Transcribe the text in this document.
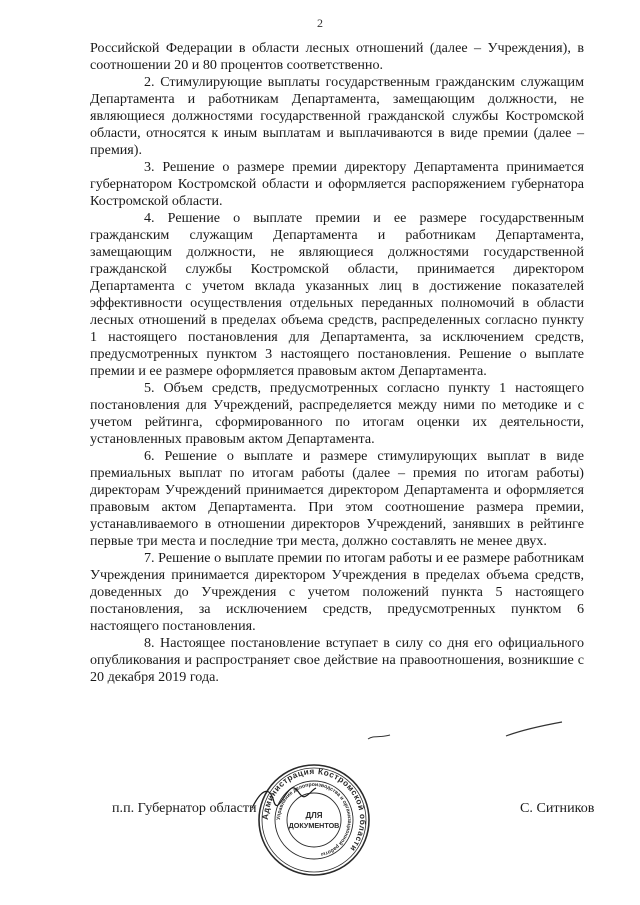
2

Российской Федерации в области лесных отношений (далее – Учреждения), в соотношении 20 и 80 процентов соответственно.

2. Стимулирующие выплаты государственным гражданским служащим Департамента и работникам Департамента, замещающим должности, не являющиеся должностями государственной гражданской службы Костромской области, относятся к иным выплатам и выплачиваются в виде премии (далее – премия).

3. Решение о размере премии директору Департамента принимается губернатором Костромской области и оформляется распоряжением губернатора Костромской области.

4. Решение о выплате премии и ее размере государственным гражданским служащим Департамента и работникам Департамента, замещающим должности, не являющиеся должностями государственной гражданской службы Костромской области, принимается директором Департамента с учетом вклада указанных лиц в достижение показателей эффективности осуществления отдельных переданных полномочий в области лесных отношений в пределах объема средств, распределенных согласно пункту 1 настоящего постановления для Департамента, за исключением средств, предусмотренных пунктом 3 настоящего постановления. Решение о выплате премии и ее размере оформляется правовым актом Департамента.

5. Объем средств, предусмотренных согласно пункту 1 настоящего постановления для Учреждений, распределяется между ними по методике и с учетом рейтинга, сформированного по итогам оценки их деятельности, установленных правовым актом Департамента.

6. Решение о выплате и размере стимулирующих выплат в виде премиальных выплат по итогам работы (далее – премия по итогам работы) директорам Учреждений принимается директором Департамента и оформляется правовым актом Департамента. При этом соотношение размера премии, устанавливаемого в отношении директоров Учреждений, занявших в рейтинге первые три места и последние три места, должно составлять не менее двух.

7. Решение о выплате премии по итогам работы и ее размере работникам Учреждения принимается директором Учреждения в пределах объема средств, доведенных до Учреждения с учетом положений пункта 5 настоящего постановления, за исключением средств, предусмотренных пунктом 6 настоящего постановления.

8. Настоящее постановление вступает в силу со дня его официального опубликования и распространяет свое действие на правоотношения, возникшие с 20 декабря 2019 года.

п.п. Губернатор области	С. Ситников
Администрация Костромской области
Управление делопроизводства и организационной работы
ДЛЯ
ДОКУМЕНТОВ
